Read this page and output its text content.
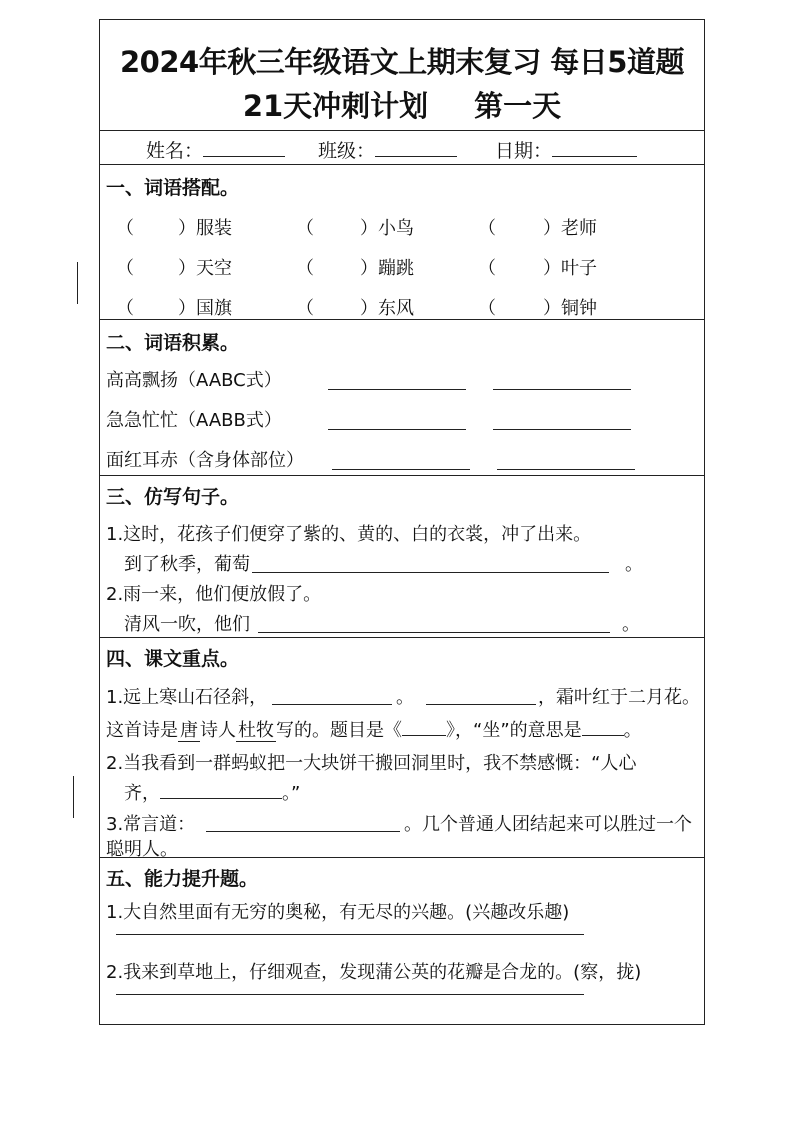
2024年秋三年级语文上期末复习 每日5道题
21天冲刺计划 第一天
姓名：	班级：	日期：
一、词语搭配。
（ ） 服装	（	） 小鸟	（	） 老师
（ ） 天空	（	） 蹦跳	（	） 叶子
（ ） 国旗	（	） 东风	（	） 铜钟
二、词语积累。
高高飘扬（AABC式）
急急忙忙（AABB式）
面红耳赤（含身体部位）
三、仿写句子。
1.这时，花孩子们便穿了紫的、黄的、白的衣裳，冲了出来。
到了秋季，葡萄	。
2.雨一来，他们便放假了。
清风一吹，他们	。
四、课文重点。
1.远上寒山石径斜，	。	，霜叶红于二月花。
这首诗是 唐 诗人 杜牧 写的。题目是《 》，“坐”的意思是 。
2.当我看到一群蚂蚁把一大块饼干搬回洞里时，我不禁感慨：“人心
齐，	。”
3.常言道：	。几个普通人团结起来可以胜过一个
聪明人。
五、能力提升题。
1.大自然里面有无穷的奥秘，有无尽的兴趣。(兴趣改乐趣)
2.我来到草地上，仔细观查，发现蒲公英的花瓣是合龙的。(察，拢)
